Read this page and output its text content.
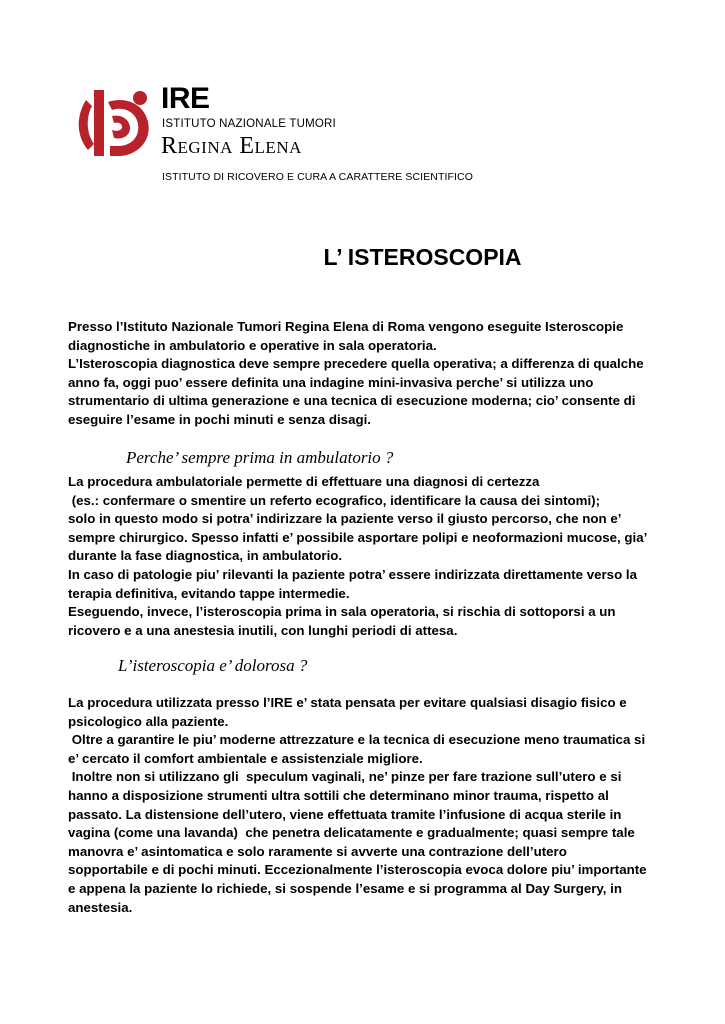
IRE
ISTITUTO NAZIONALE TUMORI
Regina Elena
ISTITUTO DI RICOVERO E CURA A CARATTERE SCIENTIFICO
L’ ISTEROSCOPIA
Presso l’Istituto Nazionale Tumori Regina Elena di Roma vengono eseguite Isteroscopie
diagnostiche in ambulatorio e operative in sala operatoria.
L’Isteroscopia diagnostica deve sempre precedere quella operativa; a differenza di qualche
anno fa, oggi puo’ essere definita una indagine mini-invasiva perche’ si utilizza uno
strumentario di ultima generazione e una tecnica di esecuzione moderna; cio’ consente di
eseguire l’esame in pochi minuti e senza disagi.
Perche’ sempre prima in ambulatorio ?
La procedura ambulatoriale permette di effettuare una diagnosi di certezza
(es.: confermare o smentire un referto ecografico, identificare la causa dei sintomi);
solo in questo modo si potra’ indirizzare la paziente verso il giusto percorso, che non e’
sempre chirurgico. Spesso infatti e’ possibile asportare polipi e neoformazioni mucose, gia’
durante la fase diagnostica, in ambulatorio.
In caso di patologie piu’ rilevanti la paziente potra’ essere indirizzata direttamente verso la
terapia definitiva, evitando tappe intermedie.
Eseguendo, invece, l’isteroscopia prima in sala operatoria, si rischia di sottoporsi a un
ricovero e a una anestesia inutili, con lunghi periodi di attesa.
L’isteroscopia e’ dolorosa ?
La procedura utilizzata presso l’IRE e’ stata pensata per evitare qualsiasi disagio fisico e
psicologico alla paziente.
Oltre a garantire le piu’ moderne attrezzature e la tecnica di esecuzione meno traumatica si
e’ cercato il comfort ambientale e assistenziale migliore.
Inoltre non si utilizzano gli  speculum vaginali, ne’ pinze per fare trazione sull’utero e si
hanno a disposizione strumenti ultra sottili che determinano minor trauma, rispetto al
passato. La distensione dell’utero, viene effettuata tramite l’infusione di acqua sterile in
vagina (come una lavanda)  che penetra delicatamente e gradualmente; quasi sempre tale
manovra e’ asintomatica e solo raramente si avverte una contrazione dell’utero
sopportabile e di pochi minuti. Eccezionalmente l’isteroscopia evoca dolore piu’ importante
e appena la paziente lo richiede, si sospende l’esame e si programma al Day Surgery, in
anestesia.
